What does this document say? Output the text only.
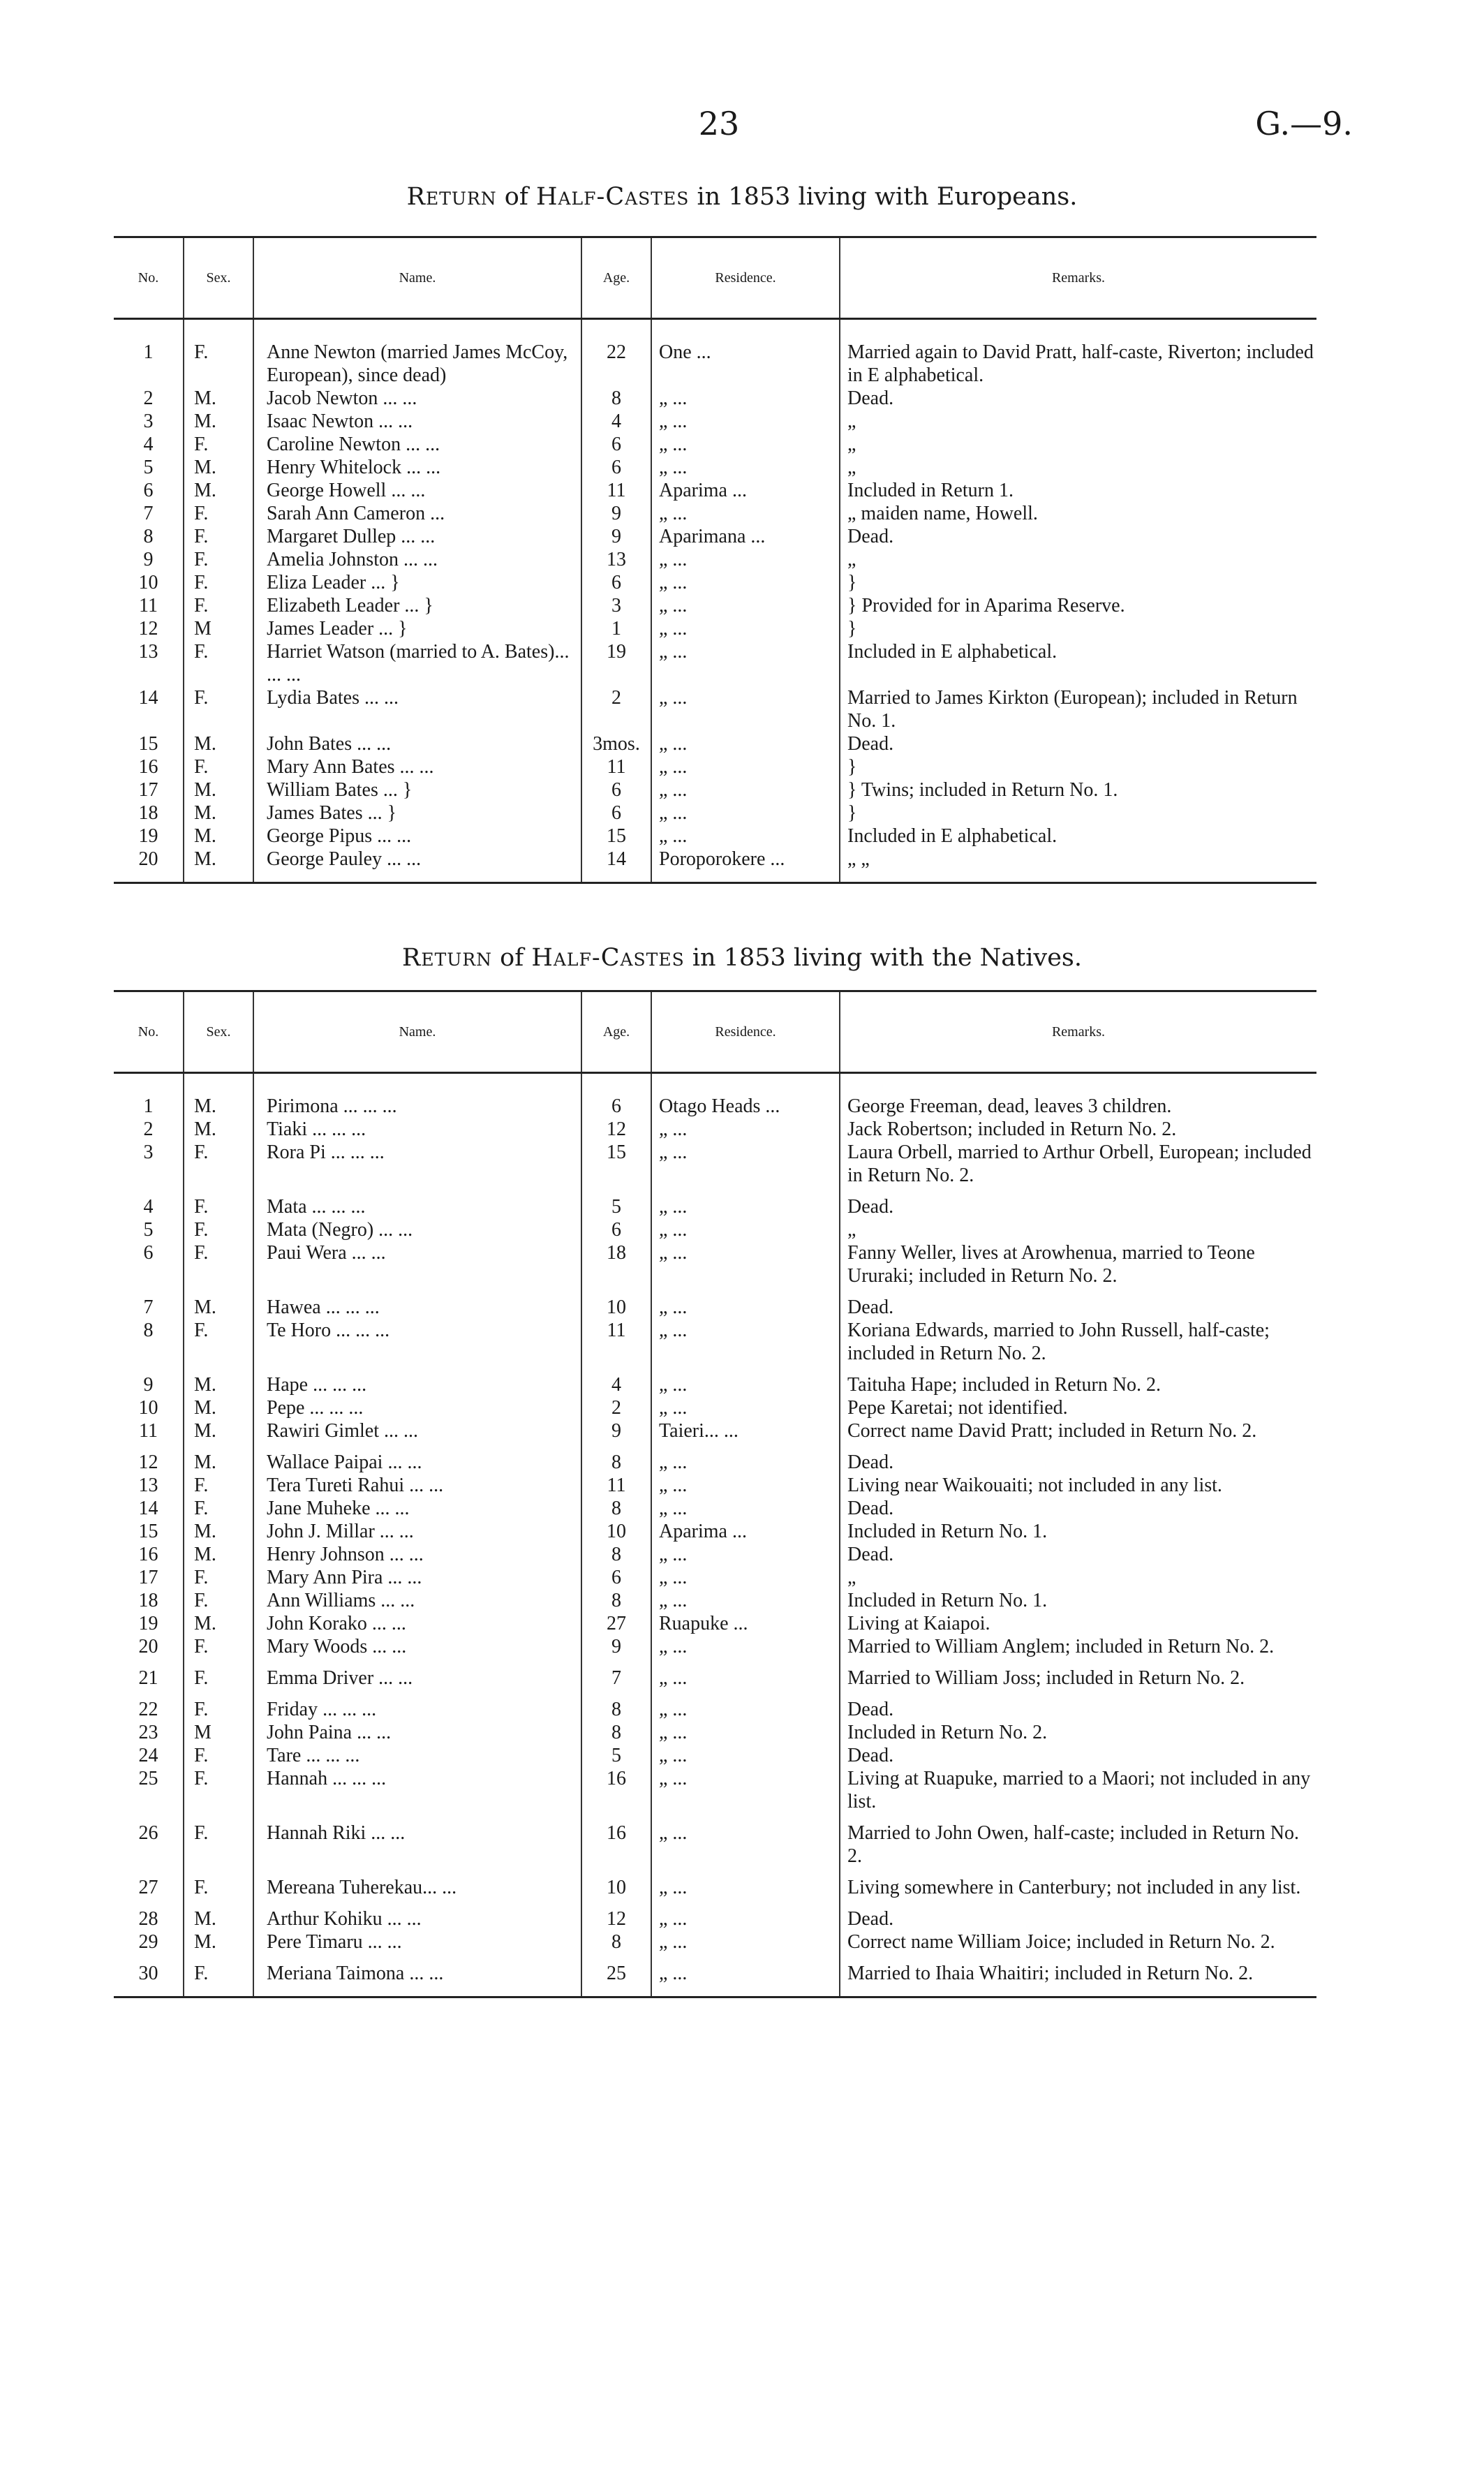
23	G.—9.
Return of Half-Castes in 1853 living with Europeans.
No.	Sex.	Name.	Age.	Residence.	Remarks.
1	F.	Anne Newton (married James McCoy, European), since dead)	22	One ...	Married again to David Pratt, half-caste, Riverton; included in E alphabetical.
2	M.	Jacob Newton ... ...	8	„ ...	Dead.
3	M.	Isaac Newton ... ...	4	„ ...	„
4	F.	Caroline Newton ... ...	6	„ ...	„
5	M.	Henry Whitelock ... ...	6	„ ...	„
6	M.	George Howell ... ...	11	Aparima ...	Included in Return 1.
7	F.	Sarah Ann Cameron ...	9	„ ...	„ maiden name, Howell.
8	F.	Margaret Dullep ... ...	9	Aparimana ...	Dead.
9	F.	Amelia Johnston ... ...	13	„ ...	„
10	F.	Eliza Leader ... }	6	„ ...	}
11	F.	Elizabeth Leader ... }	3	„ ...	} Provided for in Aparima Reserve.
12	M	James Leader ... }	1	„ ...	}
13	F.	Harriet Watson (married to A. Bates)... ... ...	19	„ ...	Included in E alphabetical.
14	F.	Lydia Bates ... ...	2	„ ...	Married to James Kirkton (European); included in Return No. 1.
15	M.	John Bates ... ...	3mos.	„ ...	Dead.
16	F.	Mary Ann Bates ... ...	11	„ ...	}
17	M.	William Bates ... }	6	„ ...	} Twins; included in Return No. 1.
18	M.	James Bates ... }	6	„ ...	}
19	M.	George Pipus ... ...	15	„ ...	Included in E alphabetical.
20	M.	George Pauley ... ...	14	Poroporokere ...	„ „
Return of Half-Castes in 1853 living with the Natives.
No.	Sex.	Name.	Age.	Residence.	Remarks.
1	M.	Pirimona ... ... ...	6	Otago Heads ...	George Freeman, dead, leaves 3 children.
2	M.	Tiaki ... ... ...	12	„ ...	Jack Robertson; included in Return No. 2.
3	F.	Rora Pi ... ... ...	15	„ ...	Laura Orbell, married to Arthur Orbell, European; included in Return No. 2.
4	F.	Mata ... ... ...	5	„ ...	Dead.
5	F.	Mata (Negro) ... ...	6	„ ...	„
6	F.	Paui Wera ... ...	18	„ ...	Fanny Weller, lives at Arowhenua, married to Teone Ururaki; included in Return No. 2.
7	M.	Hawea ... ... ...	10	„ ...	Dead.
8	F.	Te Horo ... ... ...	11	„ ...	Koriana Edwards, married to John Russell, half-caste; included in Return No. 2.
9	M.	Hape ... ... ...	4	„ ...	Taituha Hape; included in Return No. 2.
10	M.	Pepe ... ... ...	2	„ ...	Pepe Karetai; not identified.
11	M.	Rawiri Gimlet ... ...	9	Taieri... ...	Correct name David Pratt; included in Return No. 2.
12	M.	Wallace Paipai ... ...	8	„ ...	Dead.
13	F.	Tera Tureti Rahui ... ...	11	„ ...	Living near Waikouaiti; not included in any list.
14	F.	Jane Muheke ... ...	8	„ ...	Dead.
15	M.	John J. Millar ... ...	10	Aparima ...	Included in Return No. 1.
16	M.	Henry Johnson ... ...	8	„ ...	Dead.
17	F.	Mary Ann Pira ... ...	6	„ ...	„
18	F.	Ann Williams ... ...	8	„ ...	Included in Return No. 1.
19	M.	John Korako ... ...	27	Ruapuke ...	Living at Kaiapoi.
20	F.	Mary Woods ... ...	9	„ ...	Married to William Anglem; included in Return No. 2.
21	F.	Emma Driver ... ...	7	„ ...	Married to William Joss; included in Return No. 2.
22	F.	Friday ... ... ...	8	„ ...	Dead.
23	M	John Paina ... ...	8	„ ...	Included in Return No. 2.
24	F.	Tare ... ... ...	5	„ ...	Dead.
25	F.	Hannah ... ... ...	16	„ ...	Living at Ruapuke, married to a Maori; not included in any list.
26	F.	Hannah Riki ... ...	16	„ ...	Married to John Owen, half-caste; included in Return No. 2.
27	F.	Mereana Tuherekau... ...	10	„ ...	Living somewhere in Canterbury; not included in any list.
28	M.	Arthur Kohiku ... ...	12	„ ...	Dead.
29	M.	Pere Timaru ... ...	8	„ ...	Correct name William Joice; included in Return No. 2.
30	F.	Meriana Taimona ... ...	25	„ ...	Married to Ihaia Whaitiri; included in Return No. 2.
